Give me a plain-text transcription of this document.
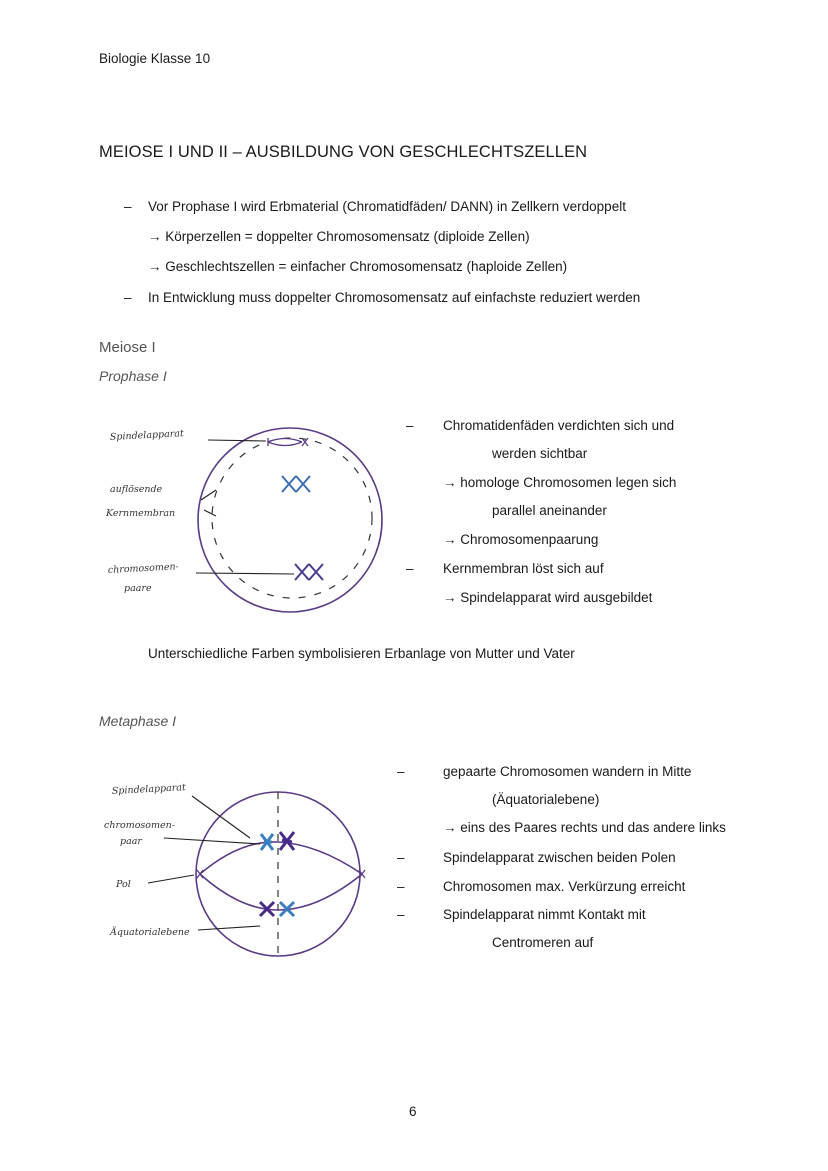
Biologie Klasse 10
MEIOSE I UND II – AUSBILDUNG VON GESCHLECHTSZELLEN
– Vor Prophase I wird Erbmaterial (Chromatidfäden/ DANN) in Zellkern verdoppelt
→ Körperzellen = doppelter Chromosomensatz (diploide Zellen)
→ Geschlechtszellen = einfacher Chromosomensatz (haploide Zellen)
– In Entwicklung muss doppelter Chromosomensatz auf einfachste reduziert werden
Meiose I
Prophase I
Spindelapparat
auflösende
Kernmembran
chromosomen-
paare
– Chromatidenfäden verdichten sich und
werden sichtbar
→ homologe Chromosomen legen sich
parallel aneinander
→ Chromosomenpaarung
– Kernmembran löst sich auf
→ Spindelapparat wird ausgebildet
Unterschiedliche Farben symbolisieren Erbanlage von Mutter und Vater
Metaphase I
Spindelapparat
chromosomen-
paar
Pol
Äquatorialebene
–	gepaarte Chromosomen wandern in Mitte
(Äquatorialebene)
→ eins des Paares rechts und das andere links
–	Spindelapparat zwischen beiden Polen
–	Chromosomen max. Verkürzung erreicht
–	Spindelapparat nimmt Kontakt mit
Centromeren auf
6
